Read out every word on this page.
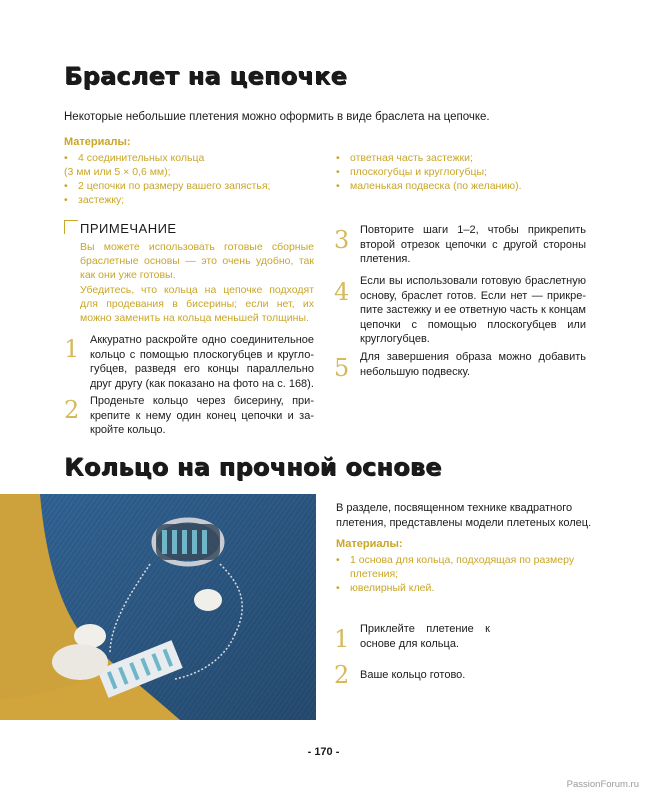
Браслет на цепочке
Некоторые небольшие плетения можно оформить в виде браслета на цепочке.
Материалы:
• 4 соединительных кольца
(3 мм или 5 × 0,6 мм);
• 2 цепочки по размеру вашего запястья;
• застежку;
• ответная часть застежки;
• плоскогубцы и круглогубцы;
• маленькая подвеска (по желанию).
ПРИМЕЧАНИЕ
Вы можете использовать готовые сборные браслетные основы — это очень удобно, так как они уже готовы.
Убедитесь, что кольца на цепочке подходят для продевания в бисерины; если нет, их можно заменить на кольца меньшей толщины.
1 Аккуратно раскройте одно соединительное кольцо с помощью плоскогубцев и круглогубцев, разведя его концы параллельно друг другу (как показано на фото на с. 168).
2 Проденьте кольцо через бисерину, прикрепите к нему один конец цепочки и закройте кольцо.
3 Повторите шаги 1–2, чтобы прикрепить второй отрезок цепочки с другой стороны плетения.
4 Если вы использовали готовую браслетную основу, браслет готов. Если нет — прикрепите застежку и ее ответную часть к концам цепочки с помощью плоскогубцев или круглогубцев.
5 Для завершения образа можно добавить небольшую подвеску.
Кольцо на прочной основе
В разделе, посвященном технике квадратного плетения, представлены модели плетеных колец.
Материалы:
• 1 основа для кольца, подходящая по размеру плетения;
• ювелирный клей.
1 Приклейте плетение к основе для кольца.
2 Ваше кольцо готово.
- 170 -
PassionForum.ru
